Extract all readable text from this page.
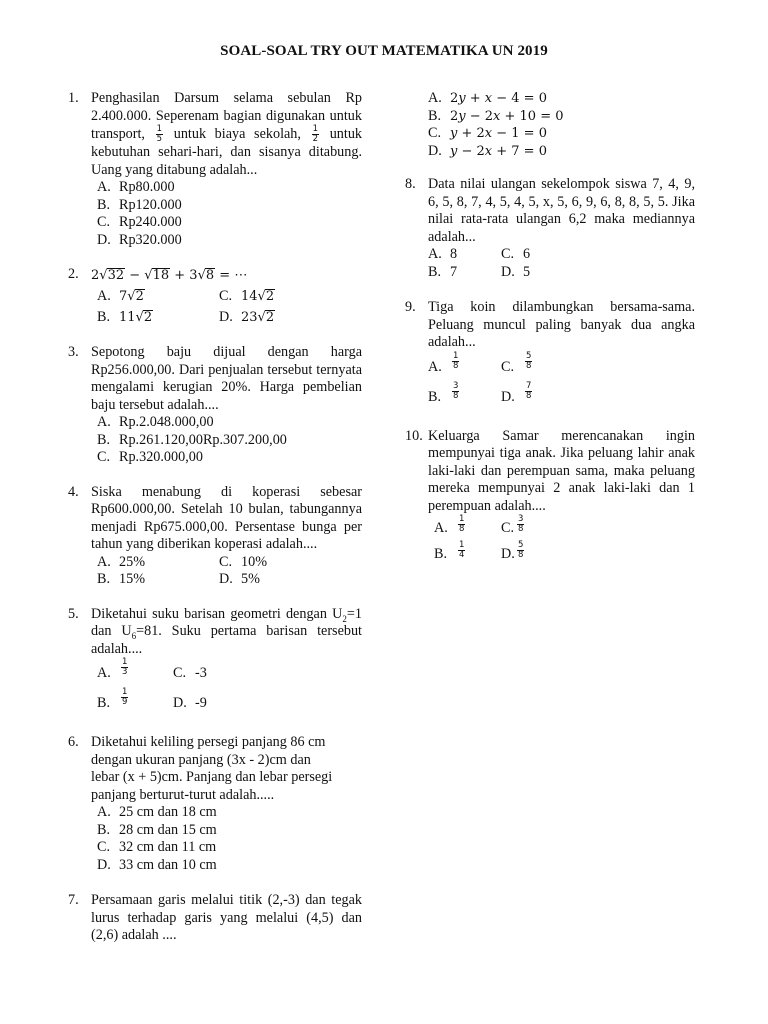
SOAL-SOAL TRY OUT MATEMATIKA UN 2019
1. Penghasilan Darsum selama sebulan Rp 2.400.000. Seperenam bagian digunakan untuk transport, $\frac{1}{5}$ untuk biaya sekolah, $\frac{1}{2}$ untuk kebutuhan sehari-hari, dan sisanya ditabung. Uang yang ditabung adalah...
A. Rp80.000
B. Rp120.000
C. Rp240.000
D. Rp320.000
2. 2√32 − √18 + 3√8 = ⋯
A. 7√2	C. 14√2
B. 11√2	D. 23√2
3. Sepotong baju dijual dengan harga Rp256.000,00. Dari penjualan tersebut ternyata mengalami kerugian 20%. Harga pembelian baju tersebut adalah....
A. Rp.2.048.000,00
B. Rp.261.120,00Rp.307.200,00
C. Rp.320.000,00
4. Siska menabung di koperasi sebesar Rp600.000,00. Setelah 10 bulan, tabungannya menjadi Rp675.000,00. Persentase bunga per tahun yang diberikan koperasi adalah....
A. 25%	C. 10%
B. 15%	D. 5%
5. Diketahui suku barisan geometri dengan $U_2=1$ dan $U_6=81$. Suku pertama barisan tersebut adalah....
A.	$\frac{1}{3}$	C. -3
B.	$\frac{1}{9}$	D. -9
6. Diketahui keliling persegi panjang 86 cm dengan ukuran panjang (3x - 2)cm dan lebar (x + 5)cm. Panjang dan lebar persegi panjang berturut-turut adalah.....
A. 25 cm dan 18 cm
B. 28 cm dan 15 cm
C. 32 cm dan 11 cm
D. 33 cm dan 10 cm
7. Persamaan garis melalui titik (2,-3) dan tegak lurus terhadap garis yang melalui (4,5) dan (2,6) adalah ....
A. 2𝑦 + 𝑥 − 4 = 0
B. 2𝑦 − 2𝑥 + 10 = 0
C. 𝑦 + 2𝑥 − 1 = 0
D. 𝑦 − 2𝑥 + 7 = 0
8. Data nilai ulangan sekelompok siswa 7, 4, 9, 6, 5, 8, 7, 4, 5, 4, 5, x, 5, 6, 9, 6, 8, 8, 5, 5. Jika nilai rata-rata ulangan 6,2 maka mediannya adalah...
A. 8	C. 6
B. 7	D. 5
9. Tiga koin dilambungkan bersama-sama. Peluang muncul paling banyak dua angka adalah...
A.	$\frac{1}{8}$	C.	$\frac{5}{8}$
B.	$\frac{3}{8}$	D.	$\frac{7}{8}$
10. Keluarga Samar merencanakan ingin mempunyai tiga anak. Jika peluang lahir anak laki-laki dan perempuan sama, maka peluang mereka mempunyai 2 anak laki-laki dan 1 perempuan adalah....
A.	$\frac{1}{8}$	C. $\frac{3}{8}$
B.	$\frac{1}{4}$	D. $\frac{5}{8}$
